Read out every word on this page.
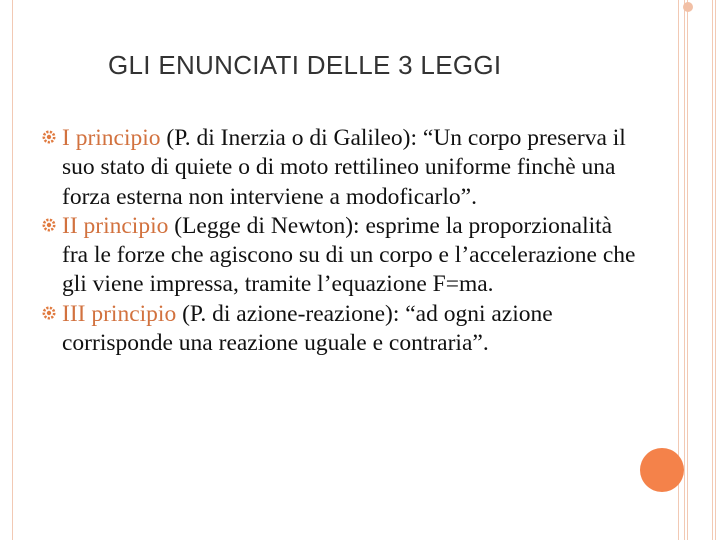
GLI ENUNCIATI DELLE 3 LEGGI

I principio (P. di Inerzia o di Galileo): “Un corpo preserva il suo stato di quiete o di moto rettilineo uniforme finchè una forza esterna non interviene a modoficarlo”.

II principio (Legge di Newton): esprime la proporzionalità fra le forze che agiscono su di un corpo e l’accelerazione che gli viene impressa, tramite l’equazione F=ma.

III principio (P. di azione-reazione): “ad ogni azione corrisponde una reazione uguale e contraria”.
